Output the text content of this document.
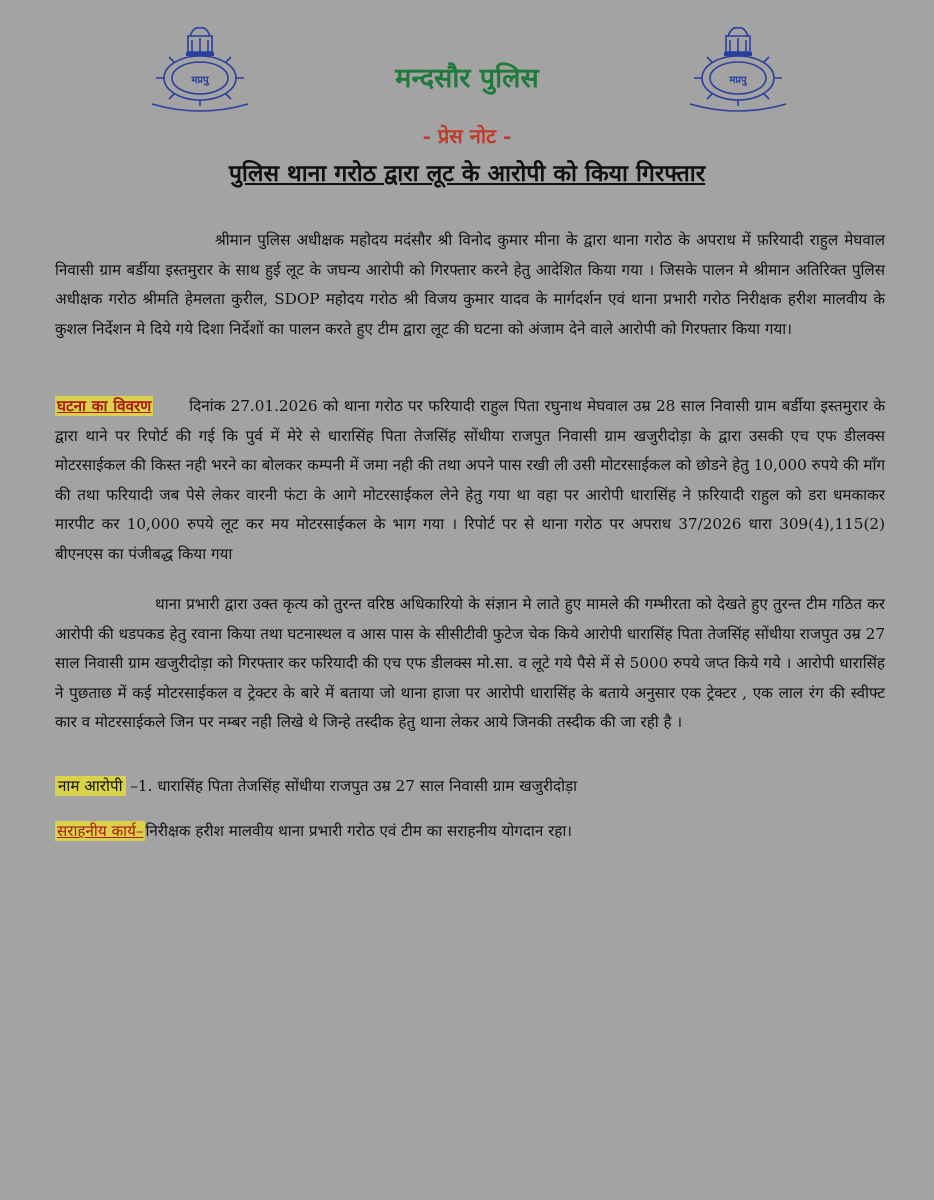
मप्रपु	मप्रपु
मन्दसौर पुलिस
- प्रेस नोट -
पुलिस थाना गरोठ द्वारा लूट के आरोपी को किया गिरफ्तार

श्रीमान पुलिस अधीक्षक महोदय मदंसौर श्री विनोद कुमार मीना के द्वारा थाना गरोठ के अपराध में फ़रियादी राहुल मेघवाल निवासी ग्राम बर्डीया इस्तमुरार के साथ हुई लूट के जघन्य आरोपी को गिरफ्तार करने हेतु आदेशित किया गया । जिसके पालन मे श्रीमान अतिरिक्त पुलिस अधीक्षक गरोठ श्रीमति हेमलता कुरील, SDOP महोदय गरोठ श्री विजय कुमार यादव के मार्गदर्शन एवं थाना प्रभारी गरोठ निरीक्षक हरीश मालवीय के कुशल निर्देशन मे दिये गये दिशा निर्देशों का पालन करते हुए टीम द्वारा लूट की घटना को अंजाम देने वाले आरोपी को गिरफ्तार किया गया।

घटना का विवरण	दिनांक 27.01.2026 को थाना गरोठ पर फरियादी राहुल पिता रघुनाथ मेघवाल उम्र 28 साल निवासी ग्राम बर्डीया इस्तमुरार के द्वारा थाने पर रिपोर्ट की गई कि पुर्व में मेरे से धारासिंह पिता तेजसिंह सोंधीया राजपुत निवासी ग्राम खजुरीदोड़ा के द्वारा उसकी एच एफ डीलक्स मोटरसाईकल की किस्त नही भरने का बोलकर कम्पनी में जमा नही की तथा अपने पास रखी ली उसी मोटरसाईकल को छोडने हेतु 10,000 रुपये की माँग की तथा फरियादी जब पेसे लेकर वारनी फंटा के आगे मोटरसाईकल लेने हेतु गया था वहा पर आरोपी धारासिंह ने फ़रियादी राहुल को डरा धमकाकर मारपीट कर 10,000 रुपये लूट कर मय मोटरसाईकल के भाग गया । रिपोर्ट पर से थाना गरोठ पर अपराध 37/2026 धारा 309(4),115(2) बीएनएस का पंजीबद्ध किया गया

थाना प्रभारी द्वारा उक्त कृत्य को तुरन्त वरिष्ठ अधिकारियो के संज्ञान मे लाते हुए मामले की गम्भीरता को देखते हुए तुरन्त टीम गठित कर आरोपी की धडपकड हेतु रवाना किया तथा घटनास्थल व आस पास के सीसीटीवी फुटेज चेक किये आरोपी धारासिंह पिता तेजसिंह सोंधीया राजपुत उम्र 27 साल निवासी ग्राम खजुरीदोड़ा को गिरफ्तार कर फरियादी की एच एफ डीलक्स मो.सा. व लूटे गये पैसे में से 5000 रुपये जप्त किये गये । आरोपी धारासिंह ने पुछताछ में कई मोटरसाईकल व ट्रेक्टर के बारे में बताया जो थाना हाजा पर आरोपी धारासिंह के बताये अनुसार एक ट्रेक्टर , एक लाल रंग की स्वीफ्ट कार व मोटरसाईकले जिन पर नम्बर नही लिखे थे जिन्हे तस्दीक हेतु थाना लेकर आये जिनकी तस्दीक की जा रही है ।

नाम आरोपी –1. धारासिंह पिता तेजसिंह सोंधीया राजपुत उम्र 27 साल निवासी ग्राम खजुरीदोड़ा

सराहनीय कार्य– निरीक्षक हरीश मालवीय थाना प्रभारी गरोठ एवं टीम का सराहनीय योगदान रहा।
